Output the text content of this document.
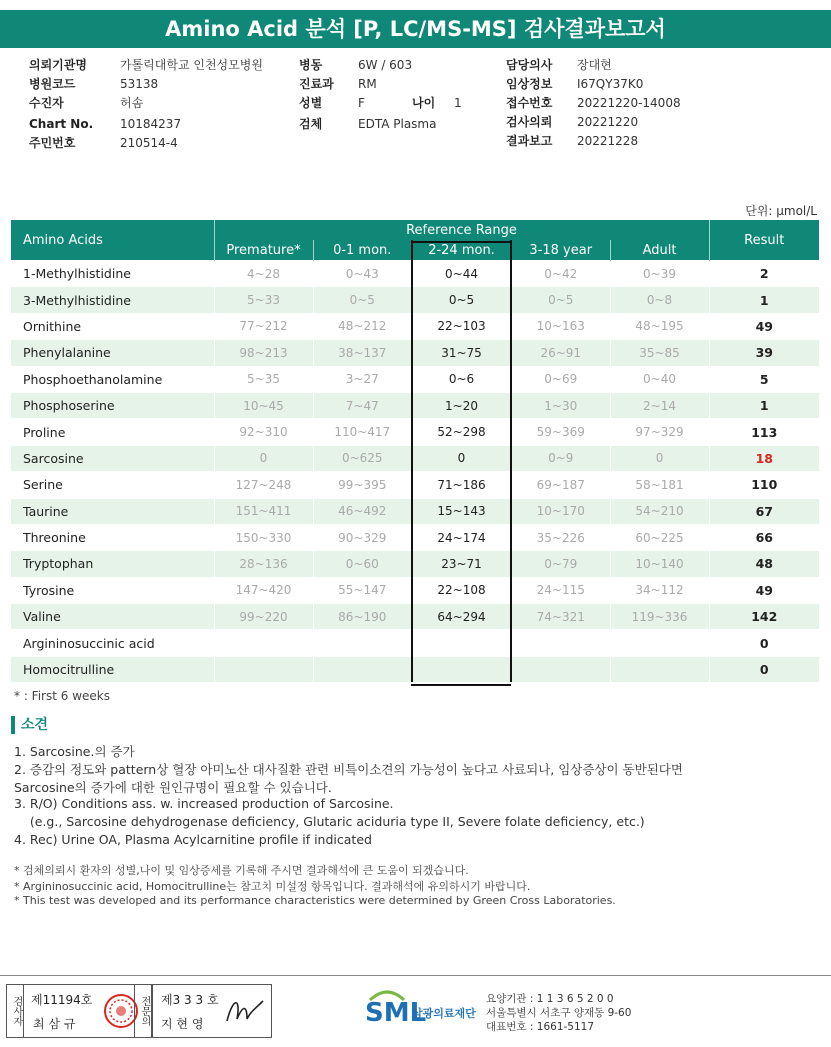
Amino Acid 분석 [P, LC/MS-MS] 검사결과보고서
의뢰기관명	가톨릭대학교 인천성모병원
병원코드	53138
수진자	허솜
Chart No. 10184237
주민번호	210514-4
병동	6W / 603
진료과 RM
성별	F
검체	EDTA Plasma
담당의사 장대현
임상정보 I67QY37K0
접수번호 20221220-14008
검사의뢰 20221220
결과보고 20221228
나이 1
단위: μmol/L
Amino Acids	Reference Range					Result
	Premature*	0-1 mon.	2-24 mon.	3-18 year	Adult	
1-Methylhistidine	4~28	0~43	0~44	0~42	0~39	2
3-Methylhistidine	5~33	0~5	0~5	0~5	0~8	1
Ornithine	77~212	48~212	22~103	10~163	48~195	49
Phenylalanine	98~213	38~137	31~75	26~91	35~85	39
Phosphoethanolamine	5~35	3~27	0~6	0~69	0~40	5
Phosphoserine	10~45	7~47	1~20	1~30	2~14	1
Proline	92~310	110~417	52~298	59~369	97~329	113
Sarcosine	0	0~625	0	0~9	0	18
Serine	127~248	99~395	71~186	69~187	58~181	110
Taurine	151~411	46~492	15~143	10~170	54~210	67
Threonine	150~330	90~329	24~174	35~226	60~225	66
Tryptophan	28~136	0~60	23~71	0~79	10~140	48
Tyrosine	147~420	55~147	22~108	24~115	34~112	49
Valine	99~220	86~190	64~294	74~321	119~336	142
Argininosuccinic acid						0
Homocitrulline						0
* : First 6 weeks
소견
1. Sarcosine.의 증가
2. 증감의 정도와 pattern상 혈장 아미노산 대사질환 관련 비특이소견의 가능성이 높다고 사료되나, 임상증상이 동반된다면
Sarcosine의 증가에 대한 원인규명이 필요할 수 있습니다.
3. R/O) Conditions ass. w. increased production of Sarcosine.
(e.g., Sarcosine dehydrogenase deficiency, Glutaric aciduria type II, Severe folate deficiency, etc.)
4. Rec) Urine OA, Plasma Acylcarnitine profile if indicated
* 검체의뢰시 환자의 성별,나이 및 임상증세를 기록해 주시면 결과해석에 큰 도움이 되겠습니다.
* Argininosuccinic acid, Homocitrulline는 참고치 미설정 항목입니다. 결과해석에 유의하시기 바랍니다.
* This test was developed and its performance characteristics were determined by Green Cross Laboratories.
검사자 제11194호
최 삼 규	전문의 제3 3 3 호
지 현 영	SML
삼광의료재단
요양기관 : 1 1 3 6 5 2 0 0
서울특별시 서초구 양재동 9-60
대표번호 : 1661-5117
